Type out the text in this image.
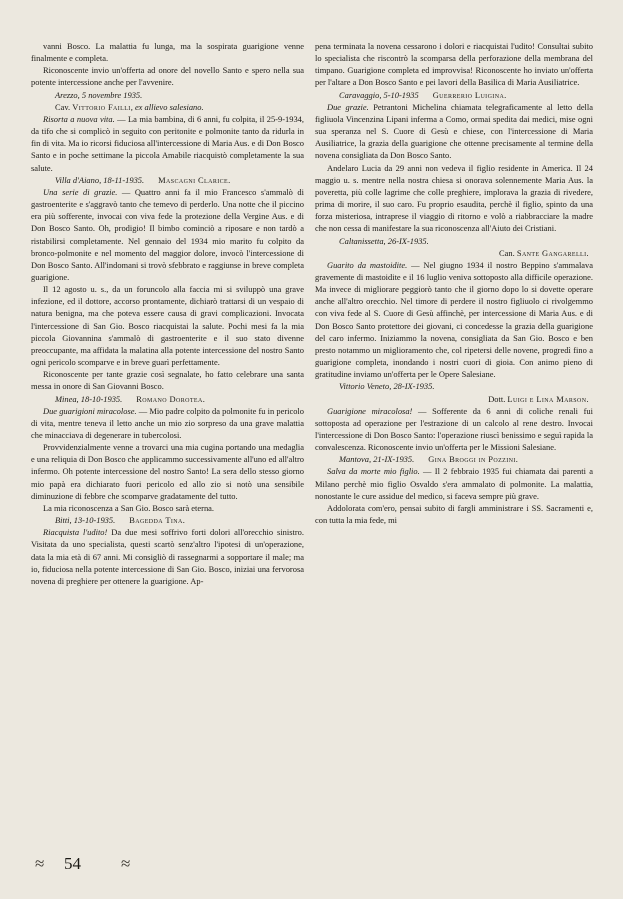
vanni Bosco. La malattia fu lunga, ma la sospirata guarigione venne finalmente e completa.

Riconoscente invio un'offerta ad onore del novello Santo e spero nella sua potente intercessione anche per l'avvenire.

Arezzo, 5 novembre 1935.

Cav. Vittorio Failli, ex allievo salesiano.

Risorta a nuova vita. — La mia bambina, di 6 anni, fu colpita, il 25-9-1934, da tifo che si complicò in seguito con peritonite e polmonite tanto da ridurla in fin di vita. Ma io ricorsi fiduciosa all'intercessione di Maria Aus. e di Don Bosco Santo e in poche settimane la piccola Amabile riacquistò completamente la sua salute.

Villa d'Aiano, 18-11-1935. Mascagni Clarice.

Una serie di grazie. — Quattro anni fa il mio Francesco s'ammalò di gastroenterite e s'aggravò tanto che temevo di perderlo. Una notte che il piccino era più sofferente, invocai con viva fede la protezione della Vergine Aus. e di Don Bosco Santo. Oh, prodigio! Il bimbo cominciò a riposare e non tardò a ristabilirsi completamente. Nel gennaio del 1934 mio marito fu colpito da bronco-polmonite e nel momento del maggior dolore, invocò l'intercessione di Don Bosco Santo. All'indomani si trovò sfebbrato e raggiunse in breve completa guarigione.

Il 12 agosto u. s., da un foruncolo alla faccia mi si sviluppò una grave infezione, ed il dottore, accorso prontamente, dichiarò trattarsi di un vespaio di natura benigna, ma che poteva essere causa di gravi complicazioni. Invocata l'intercessione di San Gio. Bosco riacquistai la salute. Pochi mesi fa la mia piccola Giovannina s'ammalò di gastroenterite e il suo stato divenne preoccupante, ma affidata la malatina alla potente intercessione del nostro Santo ogni pericolo scomparve e in breve guarì perfettamente.

Riconoscente per tante grazie così segnalate, ho fatto celebrare una santa messa in onore di San Giovanni Bosco.

Minea, 18-10-1935. Romano Dorotea.

Due guarigioni miracolose. — Mio padre colpito da polmonite fu in pericolo di vita, mentre teneva il letto anche un mio zio sorpreso da una grave malattia che minacciava di degenerare in tubercolosi.

Provvidenzialmente venne a trovarci una mia cugina portando una medaglia e una reliquia di Don Bosco che applicammo successivamente all'uno ed all'altro infermo. Oh potente intercessione del nostro Santo! La sera dello stesso giorno mio papà era dichiarato fuori pericolo ed allo zio si notò una sensibile diminuzione di febbre che scomparve gradatamente del tutto.

La mia riconoscenza a San Gio. Bosco sarà eterna.

Bitti, 13-10-1935. Bagedda Tina.

Riacquista l'udito! Da due mesi soffrivo forti dolori all'orecchio sinistro. Visitata da uno specialista, questi scartò senz'altro l'ipotesi di un'operazione, data la mia età di 67 anni. Mi consigliò di rassegnarmi a sopportare il male; ma io, fiduciosa nella potente intercessione di San Gio. Bosco, iniziai una fervorosa novena di preghiere per ottenere la guarigione. Ap-

pena terminata la novena cessarono i dolori e riacquistai l'udito! Consultai subito lo specialista che riscontrò la scomparsa della perforazione della membrana del timpano. Guarigione completa ed improvvisa! Riconoscente ho inviato un'offerta per l'altare a Don Bosco Santo e pei lavori della Basilica di Maria Ausiliatrice.

Caravaggio, 5-10-1935 Guerrerio Luigina.

Due grazie. Petrantoni Michelina chiamata telegraficamente al letto della figliuola Vincenzina Lipani inferma a Como, ormai spedita dai medici, mise ogni sua speranza nel S. Cuore di Gesù e chiese, con l'intercessione di Maria Ausiliatrice, la grazia della guarigione che ottenne precisamente al termine della novena consigliata da Don Bosco Santo.

Andelaro Lucia da 29 anni non vedeva il figlio residente in America. Il 24 maggio u. s. mentre nella nostra chiesa si onorava solennemente Maria Aus. la poveretta, più colle lagrime che colle preghiere, implorava la grazia di rivedere, prima di morire, il suo caro. Fu proprio esaudita, perchè il figlio, spinto da una forza misteriosa, intraprese il viaggio di ritorno e volò a riabbracciare la madre che non cessa di manifestare la sua riconoscenza all'Aiuto dei Cristiani.

Caltanissetta, 26-IX-1935.

Can. Sante Gangarelli.

Guarito da mastoidite. — Nel giugno 1934 il nostro Beppino s'ammalava gravemente di mastoidite e il 16 luglio veniva sottoposto alla difficile operazione. Ma invece di migliorare peggiorò tanto che il giorno dopo lo si dovette operare anche all'altro orecchio. Nel timore di perdere il nostro figliuolo ci rivolgemmo con viva fede al S. Cuore di Gesù affinchè, per intercessione di Maria Aus. e di Don Bosco Santo protettore dei giovani, ci concedesse la grazia della guarigione del caro infermo. Iniziammo la novena, consigliata da San Gio. Bosco e ben presto notammo un miglioramento che, col ripetersi delle novene, progredì fino a guarigione completa, inondando i nostri cuori di gioia. Con animo pieno di gratitudine inviamo un'offerta per le Opere Salesiane.

Vittorio Veneto, 28-IX-1935.

Dott. Luigi e Lina Marson.

Guarigione miracolosa! — Sofferente da 6 anni di coliche renali fui sottoposta ad operazione per l'estrazione di un calcolo al rene destro. Invocai l'intercessione di Don Bosco Santo: l'operazione riuscì benissimo e seguì rapida la convalescenza. Riconoscente invio un'offerta per le Missioni Salesiane.

Mantova, 21-IX-1935. Gina Broggi in Pozzini.

Salva da morte mio figlio. — Il 2 febbraio 1935 fui chiamata dai parenti a Milano perchè mio figlio Osvaldo s'era ammalato di polmonite. La malattia, nonostante le cure assidue del medico, si faceva sempre più grave.

Addolorata com'ero, pensai subito di fargli amministrare i SS. Sacramenti e, con tutta la mia fede, mi

≈ 54 ≈
